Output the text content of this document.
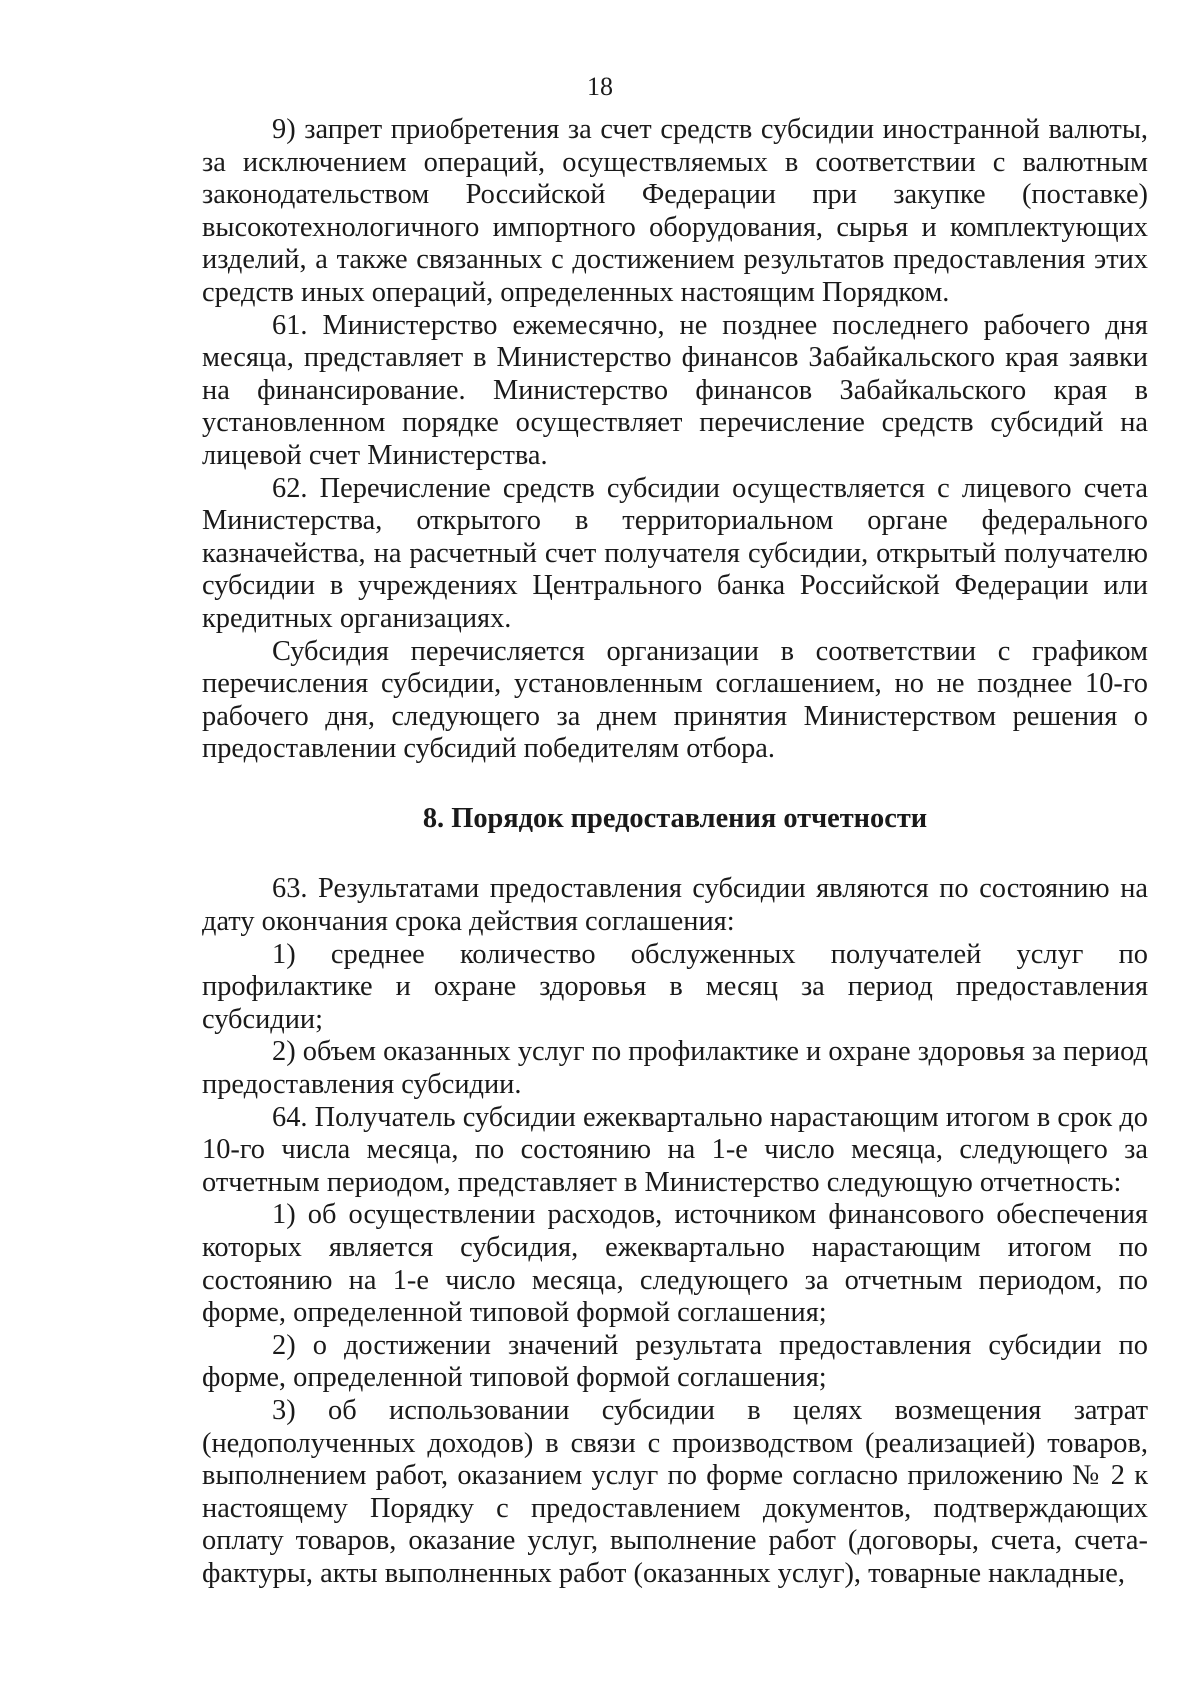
18

9) запрет приобретения за счет средств субсидии иностранной валюты, за исключением операций, осуществляемых в соответствии с валютным законодательством Российской Федерации при закупке (поставке) высокотехнологичного импортного оборудования, сырья и комплектующих изделий, а также связанных с достижением результатов предоставления этих средств иных операций, определенных настоящим Порядком.

61. Министерство ежемесячно, не позднее последнего рабочего дня месяца, представляет в Министерство финансов Забайкальского края заявки на финансирование. Министерство финансов Забайкальского края в установленном порядке осуществляет перечисление средств субсидий на лицевой счет Министерства.

62. Перечисление средств субсидии осуществляется с лицевого счета Министерства, открытого в территориальном органе федерального казначейства, на расчетный счет получателя субсидии, открытый получателю субсидии в учреждениях Центрального банка Российской Федерации или кредитных организациях.

Субсидия перечисляется организации в соответствии с графиком перечисления субсидии, установленным соглашением, но не позднее 10-го рабочего дня, следующего за днем принятия Министерством решения о предоставлении субсидий победителям отбора.

8. Порядок предоставления отчетности

63. Результатами предоставления субсидии являются по состоянию на дату окончания срока действия соглашения:

1) среднее количество обслуженных получателей услуг по профилактике и охране здоровья в месяц за период предоставления субсидии;

2) объем оказанных услуг по профилактике и охране здоровья за период предоставления субсидии.

64. Получатель субсидии ежеквартально нарастающим итогом в срок до 10-го числа месяца, по состоянию на 1-е число месяца, следующего за отчетным периодом, представляет в Министерство следующую отчетность:

1) об осуществлении расходов, источником финансового обеспечения которых является субсидия, ежеквартально нарастающим итогом по состоянию на 1-е число месяца, следующего за отчетным периодом, по форме, определенной типовой формой соглашения;

2) о достижении значений результата предоставления субсидии по форме, определенной типовой формой соглашения;

3) об использовании субсидии в целях возмещения затрат (недополученных доходов) в связи с производством (реализацией) товаров, выполнением работ, оказанием услуг по форме согласно приложению № 2 к настоящему Порядку с предоставлением документов, подтверждающих оплату товаров, оказание услуг, выполнение работ (договоры, счета, счета-фактуры, акты выполненных работ (оказанных услуг), товарные накладные,
